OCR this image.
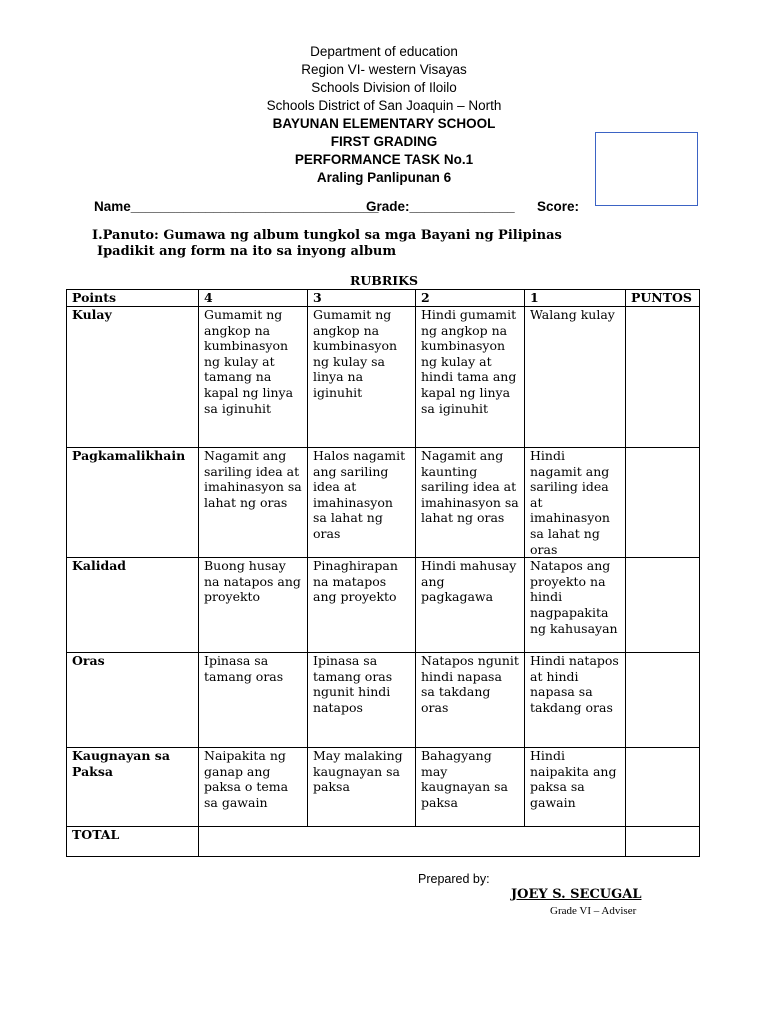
Department of education
Region VI- western Visayas
Schools Division of Iloilo
Schools District of San Joaquin – North
BAYUNAN ELEMENTARY SCHOOL
FIRST GRADING
PERFORMANCE TASK No.1
Araling Panlipunan 6
Name_________________________________
Grade:______________ Score:
I.Panuto: Gumawa ng album tungkol sa mga Bayani ng Pilipinas
Ipadikit ang form na ito sa inyong album
RUBRIKS
Points	4	3	2	1	PUNTOS
Kulay	Gumamit ng angkop na kumbinasyon ng kulay at tamang na kapal ng linya sa iginuhit	Gumamit ng angkop na kumbinasyon ng kulay sa linya na iginuhit	Hindi gumamit ng angkop na kumbinasyon ng kulay at hindi tama ang kapal ng linya sa iginuhit	Walang kulay	
Pagkamalikhain	Nagamit ang sariling idea at imahinasyon sa lahat ng oras	Halos nagamit ang sariling idea at imahinasyon sa lahat ng oras	Nagamit ang kaunting sariling idea at imahinasyon sa lahat ng oras	Hindi nagamit ang sariling idea at imahinasyon sa lahat ng oras	
Kalidad	Buong husay na natapos ang proyekto	Pinaghirapan na matapos ang proyekto	Hindi mahusay ang pagkagawa	Natapos ang proyekto na hindi nagpapakita ng kahusayan	
Oras	Ipinasa sa tamang oras	Ipinasa sa tamang oras ngunit hindi natapos	Natapos ngunit hindi napasa sa takdang oras	Hindi natapos at hindi napasa sa takdang oras	
Kaugnayan sa Paksa	Naipakita ng ganap ang paksa o tema sa gawain	May malaking kaugnayan sa paksa	Bahagyang may kaugnayan sa paksa	Hindi naipakita ang paksa sa gawain	
TOTAL					
Prepared by:
JOEY S. SECUGAL
Grade VI – Adviser
